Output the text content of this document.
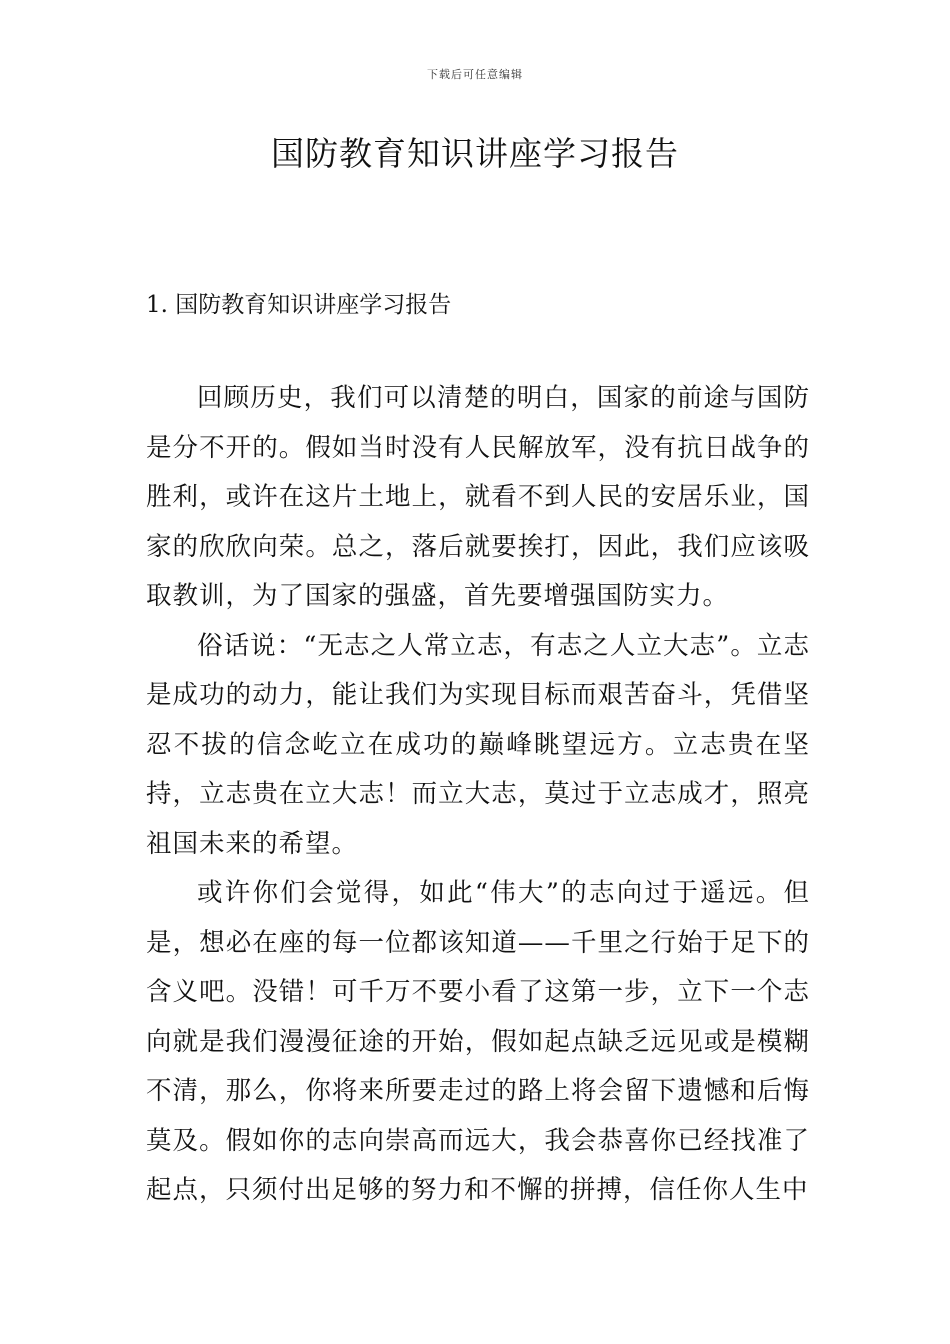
下载后可任意编辑
国防教育知识讲座学习报告
1. 国防教育知识讲座学习报告

回顾历史，我们可以清楚的明白，国家的前途与国防是分不开的。假如当时没有人民解放军，没有抗日战争的胜利，或许在这片土地上，就看不到人民的安居乐业，国家的欣欣向荣。总之，落后就要挨打，因此，我们应该吸取教训，为了国家的强盛，首先要增强国防实力。

俗话说：“无志之人常立志，有志之人立大志”。立志是成功的动力，能让我们为实现目标而艰苦奋斗，凭借坚忍不拔的信念屹立在成功的巅峰眺望远方。立志贵在坚持，立志贵在立大志！而立大志，莫过于立志成才，照亮祖国未来的希望。

或许你们会觉得，如此“伟大”的志向过于遥远。但是，想必在座的每一位都该知道——千里之行始于足下的含义吧。没错！可千万不要小看了这第一步，立下一个志向就是我们漫漫征途的开始，假如起点缺乏远见或是模糊不清，那么，你将来所要走过的路上将会留下遗憾和后悔莫及。假如你的志向崇高而远大，我会恭喜你已经找准了起点，只须付出足够的努力和不懈的拼搏，信任你人生中
